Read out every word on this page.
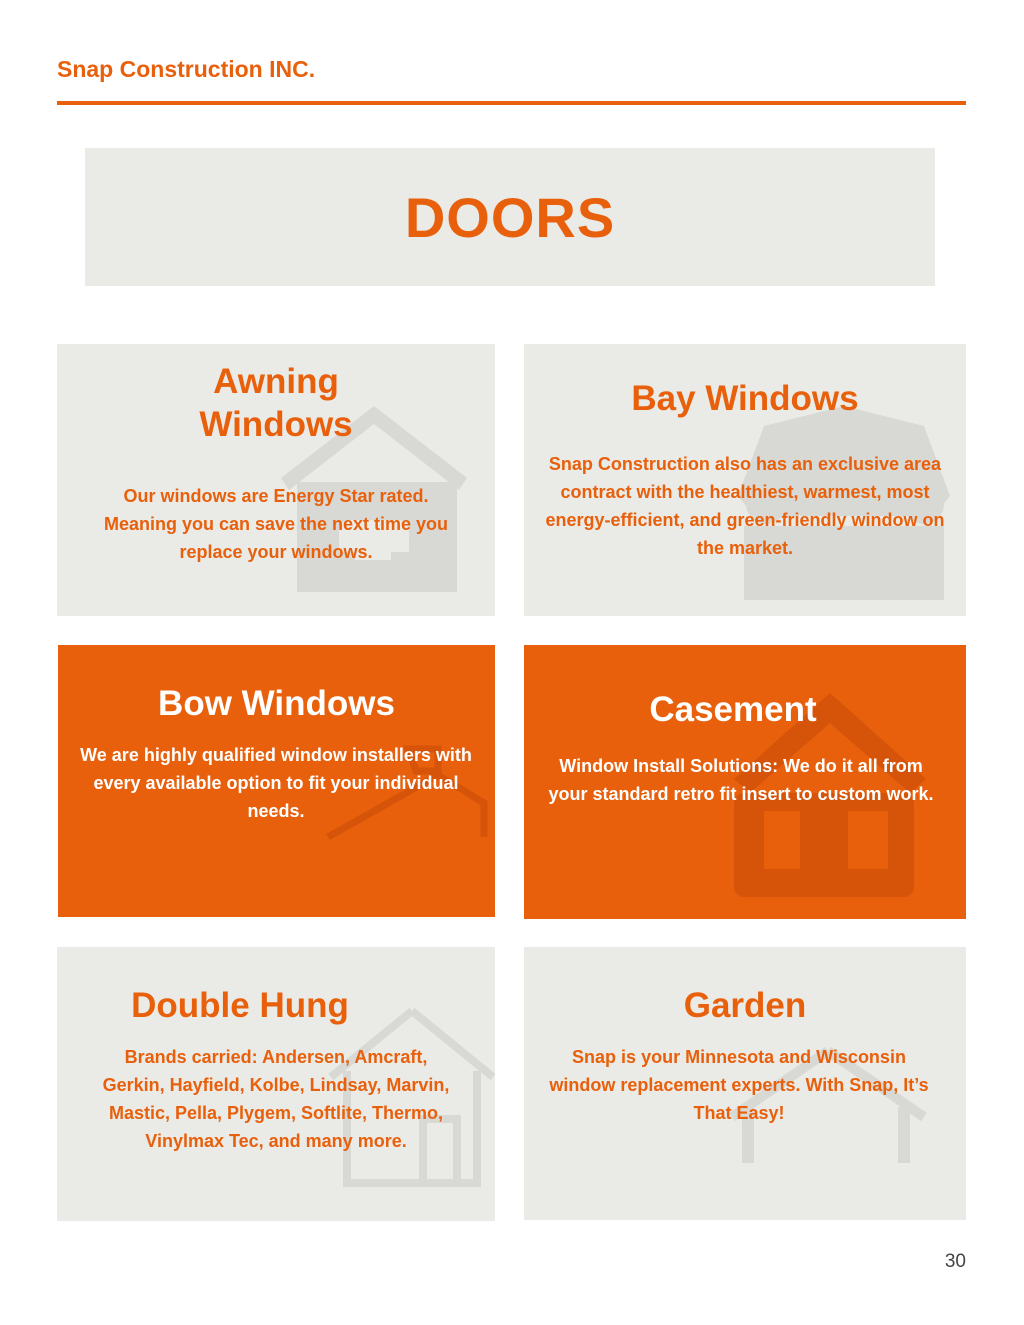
Snap Construction INC.
DOORS
Awning
Windows
Our windows are Energy Star rated. Meaning you can save the next time you replace your windows.
Bay Windows
Snap Construction also has an exclusive area contract with the healthiest, warmest, most energy-efficient, and green-friendly window on the market.
Bow Windows
We are highly qualified window installers with every available option to fit your individual needs.
Casement
Window Install Solutions: We do it all from your standard retro fit insert to custom work.
Double Hung
Brands carried: Andersen, Amcraft, Gerkin, Hayfield, Kolbe, Lindsay, Marvin, Mastic, Pella, Plygem, Softlite, Thermo, Vinylmax Tec, and many more.
Garden
Snap is your Minnesota and Wisconsin window replacement experts. With Snap, It’s That Easy!
30
